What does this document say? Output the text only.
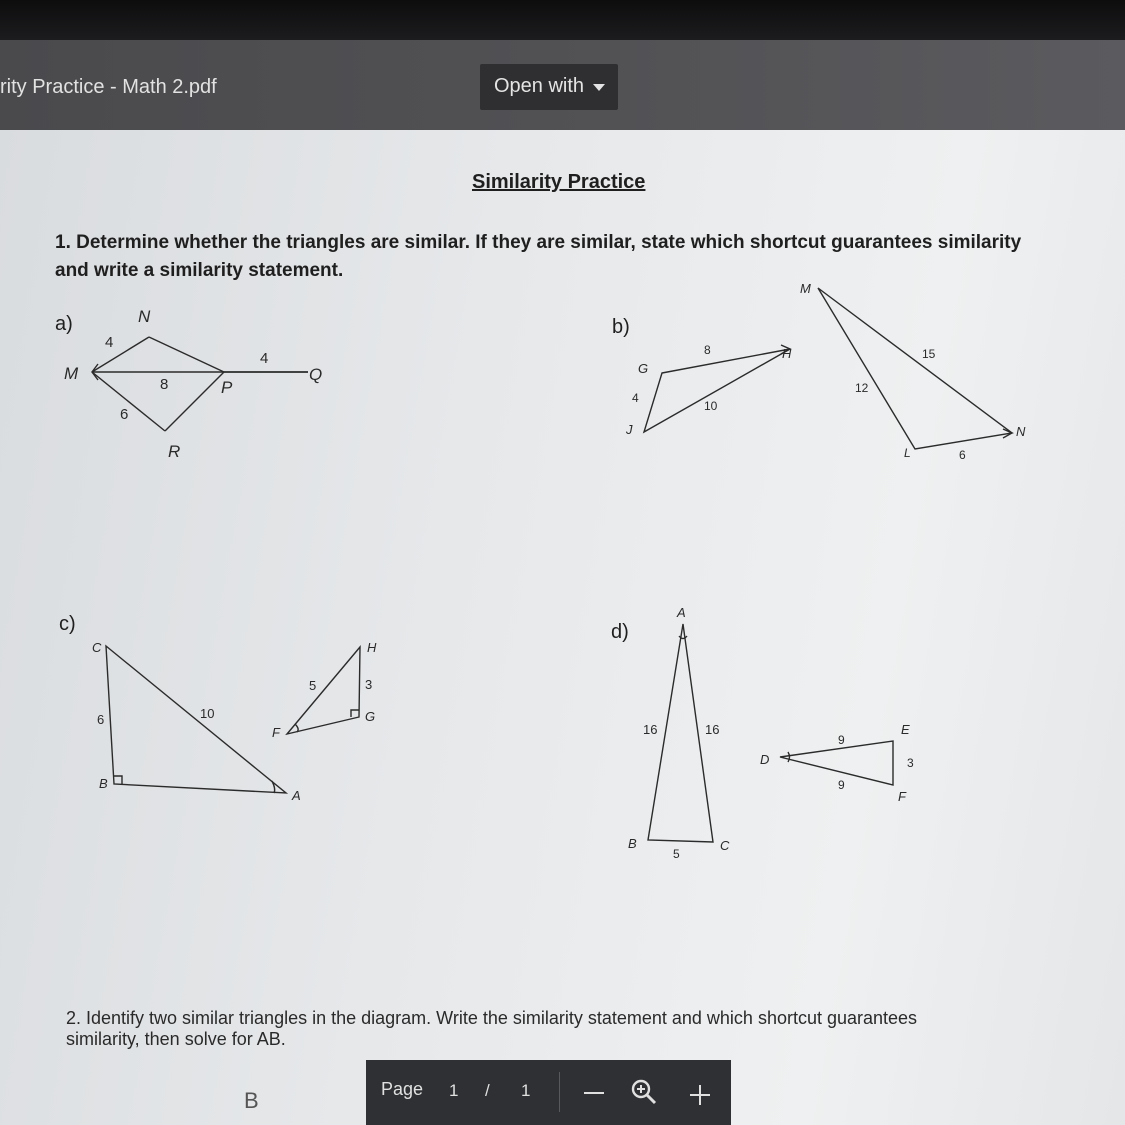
rity Practice - Math 2.pdf	Open with
Similarity Practice
1. Determine whether the triangles are similar. If they are similar, state which shortcut guarantees similarity
and write a similarity statement.
a)	b)
c)	d)
N
M
P
Q
R
4
4
8
6
G
H
J
8
4
10
M
N
L
15
12
6
C
B
A
6	10
H
G
F
5	3
A
B	C
16	16
5
D
E
F
9
9
3
B
2. Identify two similar triangles in the diagram. Write the similarity statement and which shortcut guarantees
similarity, then solve for AB.
Page 1 / 1
